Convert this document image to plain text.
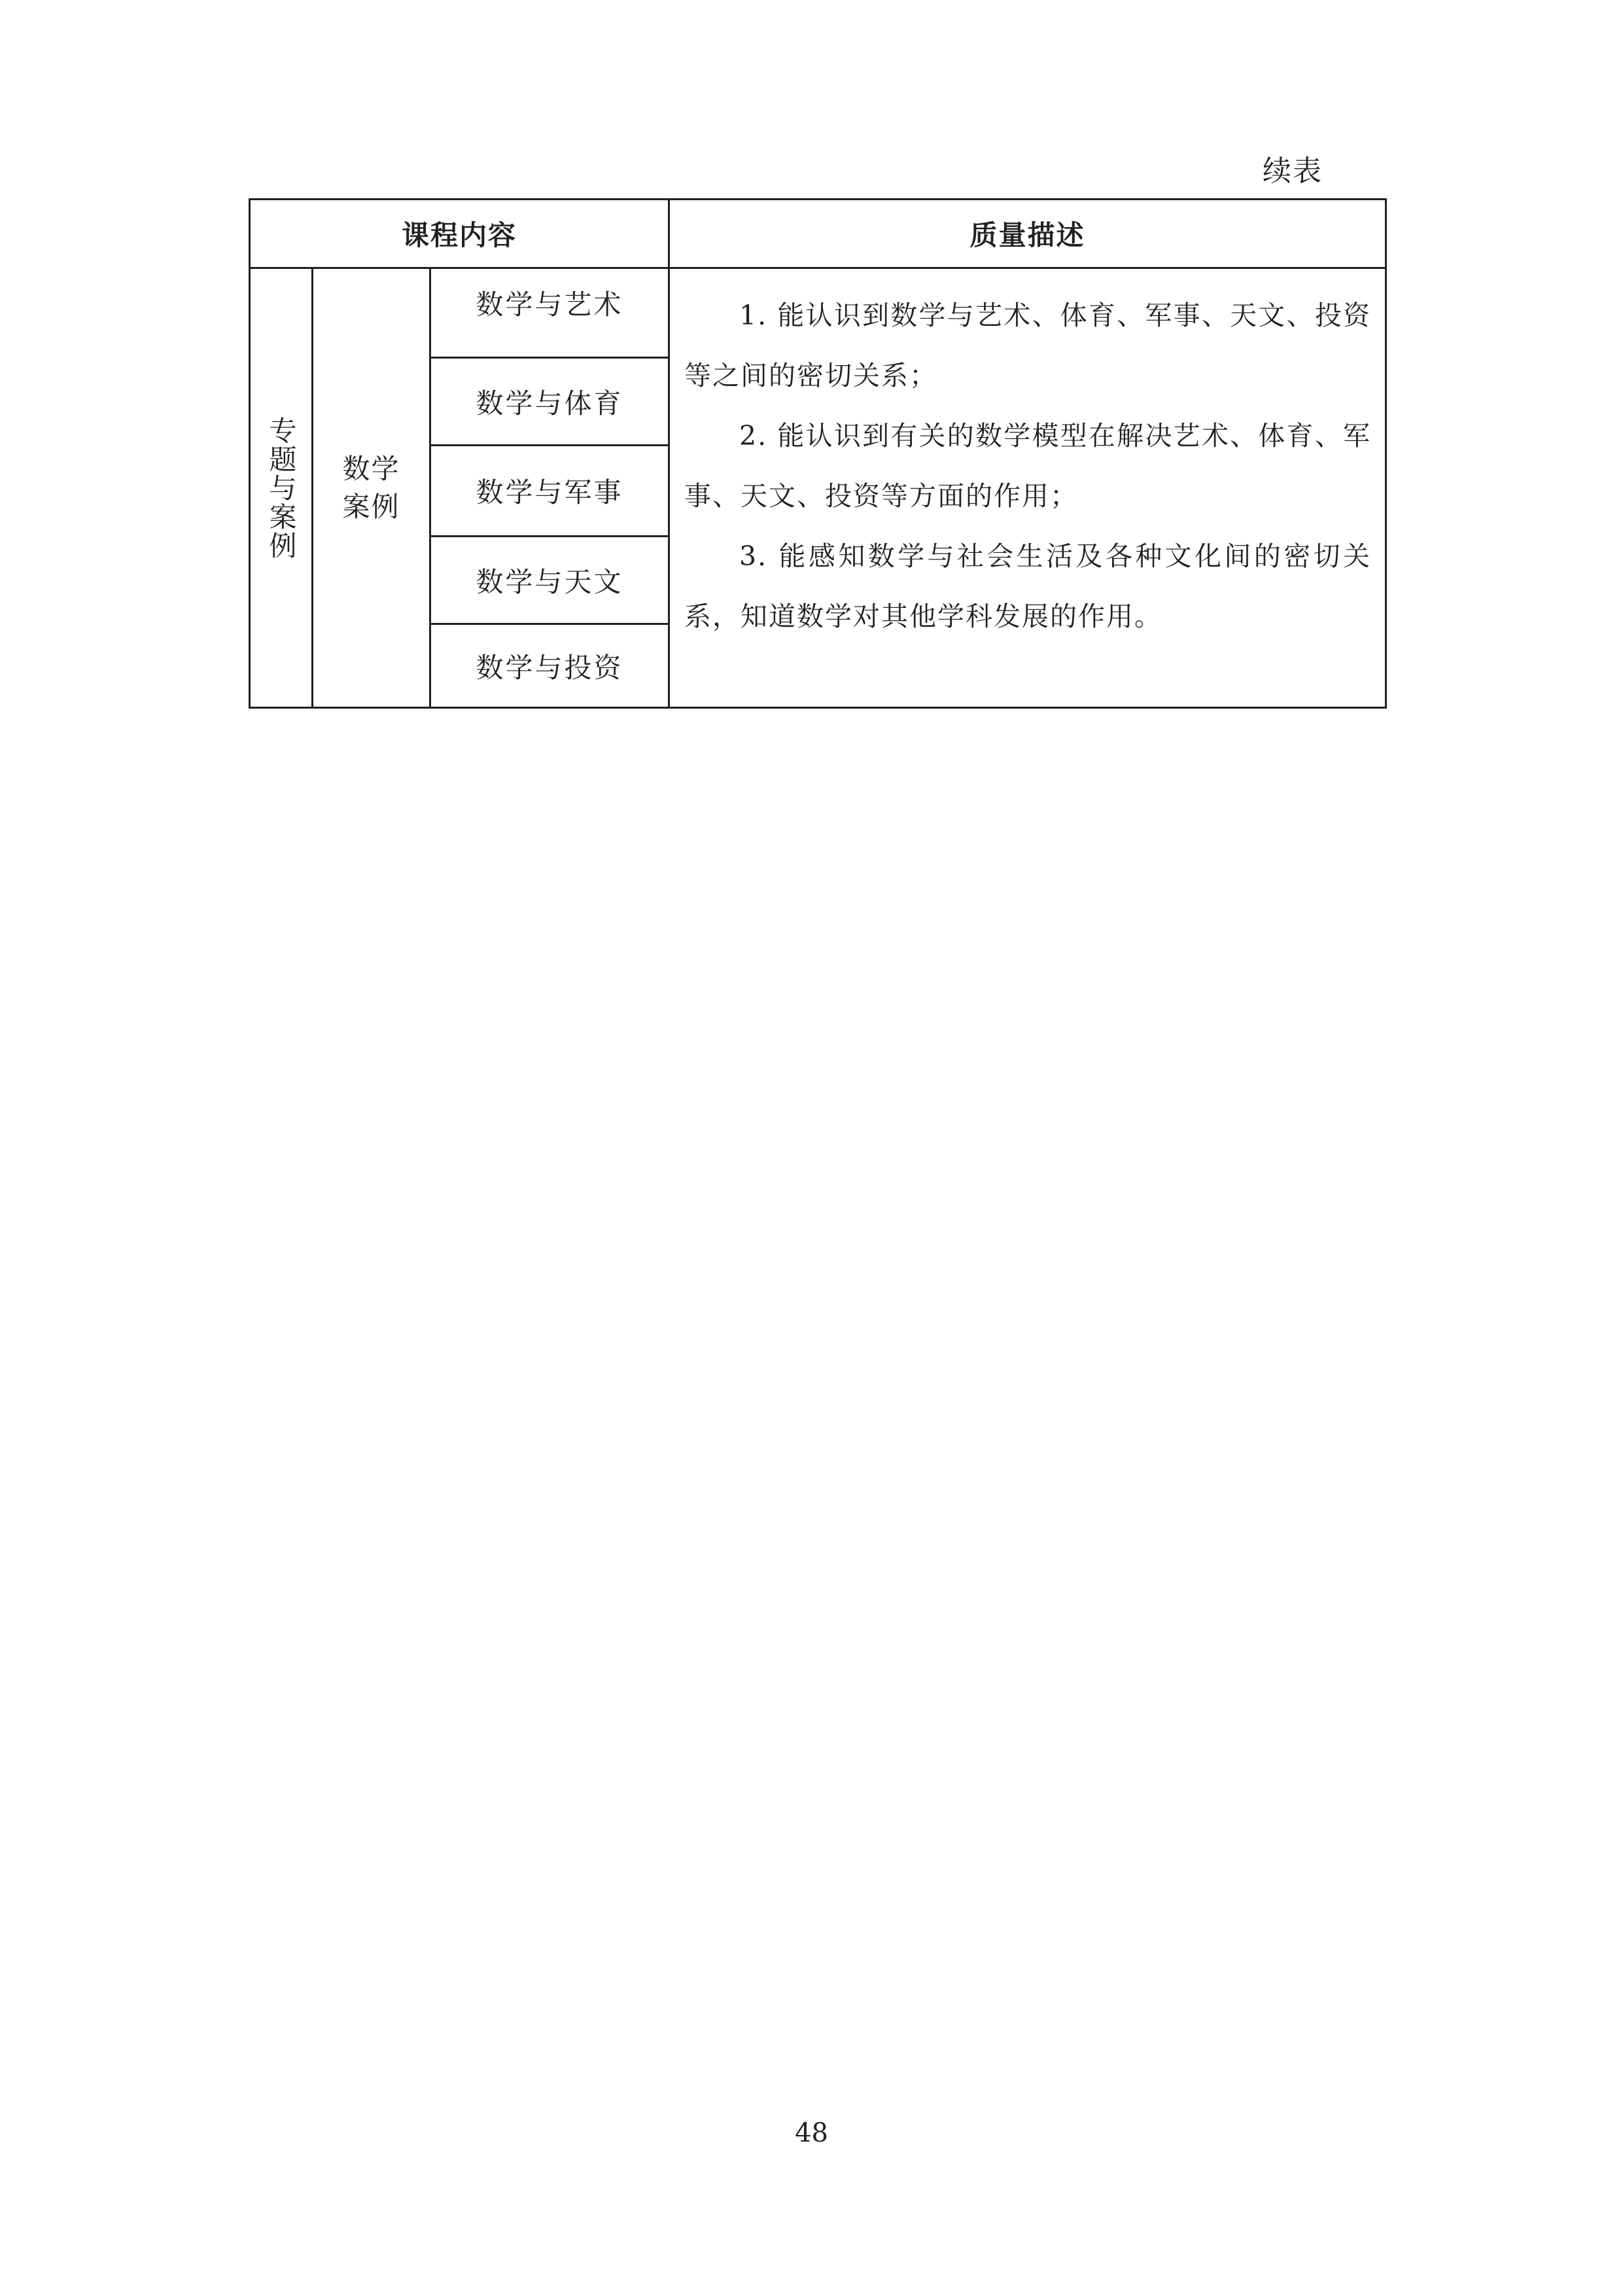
续表
课程内容	质量描述
专题与案例 数学
案例
数学与艺术
数学与体育
数学与军事
数学与天文
数学与投资

1. 能认识到数学与艺术、体育、军事、天文、投资等之间的密切关系；

2. 能认识到有关的数学模型在解决艺术、体育、军事、天文、投资等方面的作用；

3. 能感知数学与社会生活及各种文化间的密切关系，知道数学对其他学科发展的作用。

48
